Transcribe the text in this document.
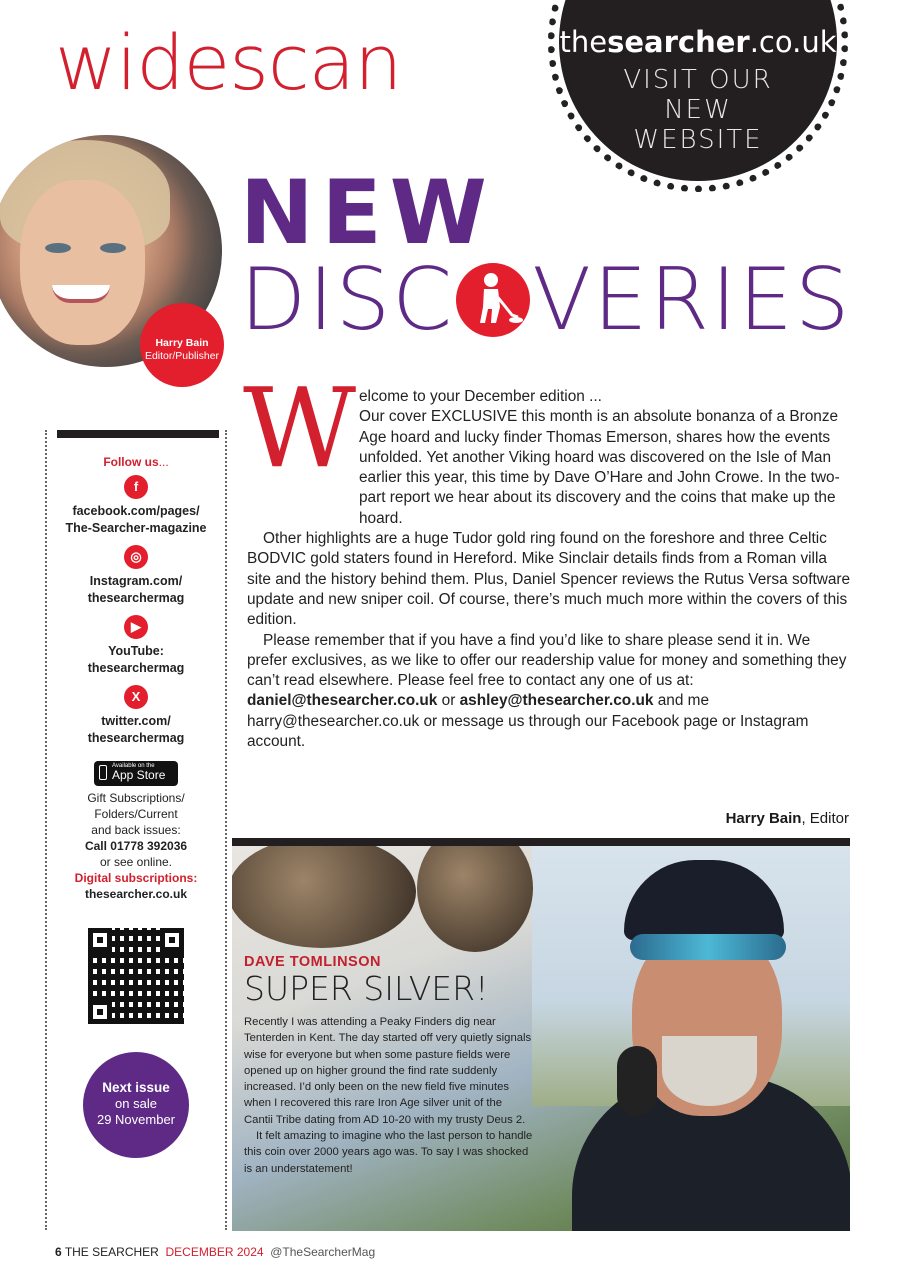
widescan	thesearcher.co.uk
VISIT OUR NEW WEBSITE
Harry Bain
Editor/Publisher
NEW
DISC VERIES
W elcome to your December edition ...

Our cover EXCLUSIVE this month is an absolute bonanza of a Bronze Age hoard and lucky finder Thomas Emerson, shares how the events unfolded. Yet another Viking hoard was discovered on the Isle of Man earlier this year, this time by Dave O’Hare and John Crowe. In the two-part report we hear about its discovery and the coins that make up the hoard.

Other highlights are a huge Tudor gold ring found on the foreshore and three Celtic BODVIC gold staters found in Hereford. Mike Sinclair details finds from a Roman villa site and the history behind them. Plus, Daniel Spencer reviews the Rutus Versa software update and new sniper coil. Of course, there’s much much more within the covers of this edition.

Please remember that if you have a find you’d like to share please send it in. We prefer exclusives, as we like to offer our readership value for money and something they can’t read elsewhere. Please feel free to contact any one of us at: daniel@thesearcher.co.uk or ashley@thesearcher.co.uk and me harry@thesearcher.co.uk or message us through our Facebook page or Instagram account.

Harry Bain, Editor
Follow us...
f
facebook.com/pages/
The-Searcher-magazine
◎
Instagram.com/
thesearchermag
▶
YouTube:
thesearchermag
X
twitter.com/
thesearchermag
Available on the
App Store
Gift Subscriptions/
Folders/Current
and back issues:
Call 01778 392036
or see online.
Digital subscriptions:
thesearcher.co.uk
Next issue
on sale
29 November
DAVE TOMLINSON
SUPER SILVER!

Recently I was attending a Peaky Finders dig near Tenterden in Kent. The day started off very quietly signals wise for everyone but when some pasture fields were opened up on higher ground the find rate suddenly increased. I’d only been on the new field five minutes when I recovered this rare Iron Age silver unit of the Cantii Tribe dating from AD 10-20 with my trusty Deus 2.

It felt amazing to imagine who the last person to handle this coin over 2000 years ago was. To say I was shocked is an understatement!

6 THE SEARCHER DECEMBER 2024 @TheSearcherMag
